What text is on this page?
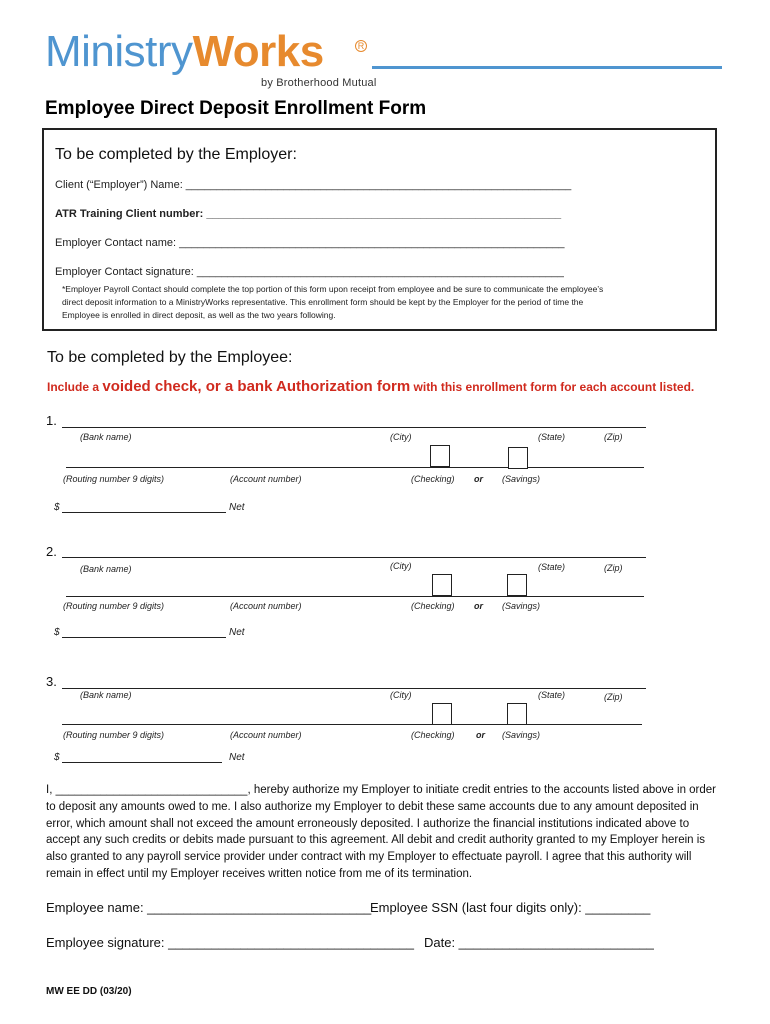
MinistryWorks	R
by Brotherhood Mutual
Employee Direct Deposit Enrollment Form
To be completed by the Employer:
Client (“Employer”) Name: _______________________________________________________________
ATR Training Client number: __________________________________________________________
Employer Contact name: _______________________________________________________________
Employer Contact signature: ____________________________________________________________
*Employer Payroll Contact should complete the top portion of this form upon receipt from employee and be sure to communicate the employee’s
direct deposit information to a MinistryWorks representative. This enrollment form should be kept by the Employer for the period of time the
Employee is enrolled in direct deposit, as well as the two years following.
To be completed by the Employee:
Include a voided check, or a bank Authorization form with this enrollment form for each account listed.
1.
(Bank name)	(City)	(State)	(Zip)
(Routing number 9 digits)	(Account number)	(Checking) or (Savings)
$	Net
2.
(Bank name)	(City)	(State)	(Zip)
(Routing number 9 digits)	(Account number)	(Checking) or (Savings)
$	Net
3.
(Bank name)	(City)	(State)	(Zip)
(Routing number 9 digits)	(Account number)	(Checking) or (Savings)
$	Net
I, ______________________________, hereby authorize my Employer to initiate credit entries to the accounts listed above in order to deposit any amounts owed to me. I also authorize my Employer to debit these same accounts due to any amount deposited in error, which amount shall not exceed the amount erroneously deposited. I authorize the financial institutions indicated above to accept any such credits or debits made pursuant to this agreement. All debit and credit authority granted to my Employer herein is also granted to any payroll service provider under contract with my Employer to effectuate payroll. I agree that this authority will remain in effect until my Employer receives written notice from me of its termination.
Employee name: _______________________________
Employee SSN (last four digits only): _________
Employee signature: __________________________________ Date: ___________________________
MW EE DD (03/20)
